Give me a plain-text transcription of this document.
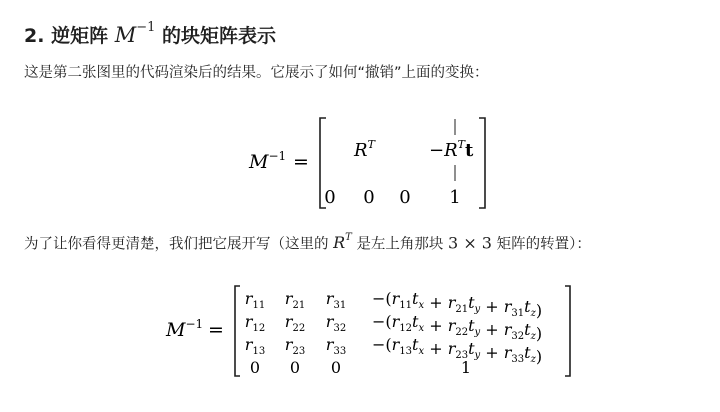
2. 逆矩阵 $M^{-1}$ 的块矩阵表示
这是第二张图里的代码渲染后的结果。它展示了如何“撤销”上面的变换：
$M^{-1}$ =
$R^T$	$-R^Tt$
0 0 0 1
为了让你看得更清楚，我们把它展开写（这里的 $R^T$ 是左上角那块 3 × 3 矩阵的转置）：
$M^{-1}$ =
$r_{11}$ $r_{21}$ $r_{31} -(r_{11}t_x + r_{21}t_y + r_{31}t_z)$
$r_{12}$ $r_{22}$ $r_{32} -(r_{12}t_x + r_{22}t_y + r_{32}t_z)$
$r_{13}$ $r_{23}$ $r_{33} -(r_{13}t_x + r_{23}t_y + r_{33}t_z)$
0 0 0	1
